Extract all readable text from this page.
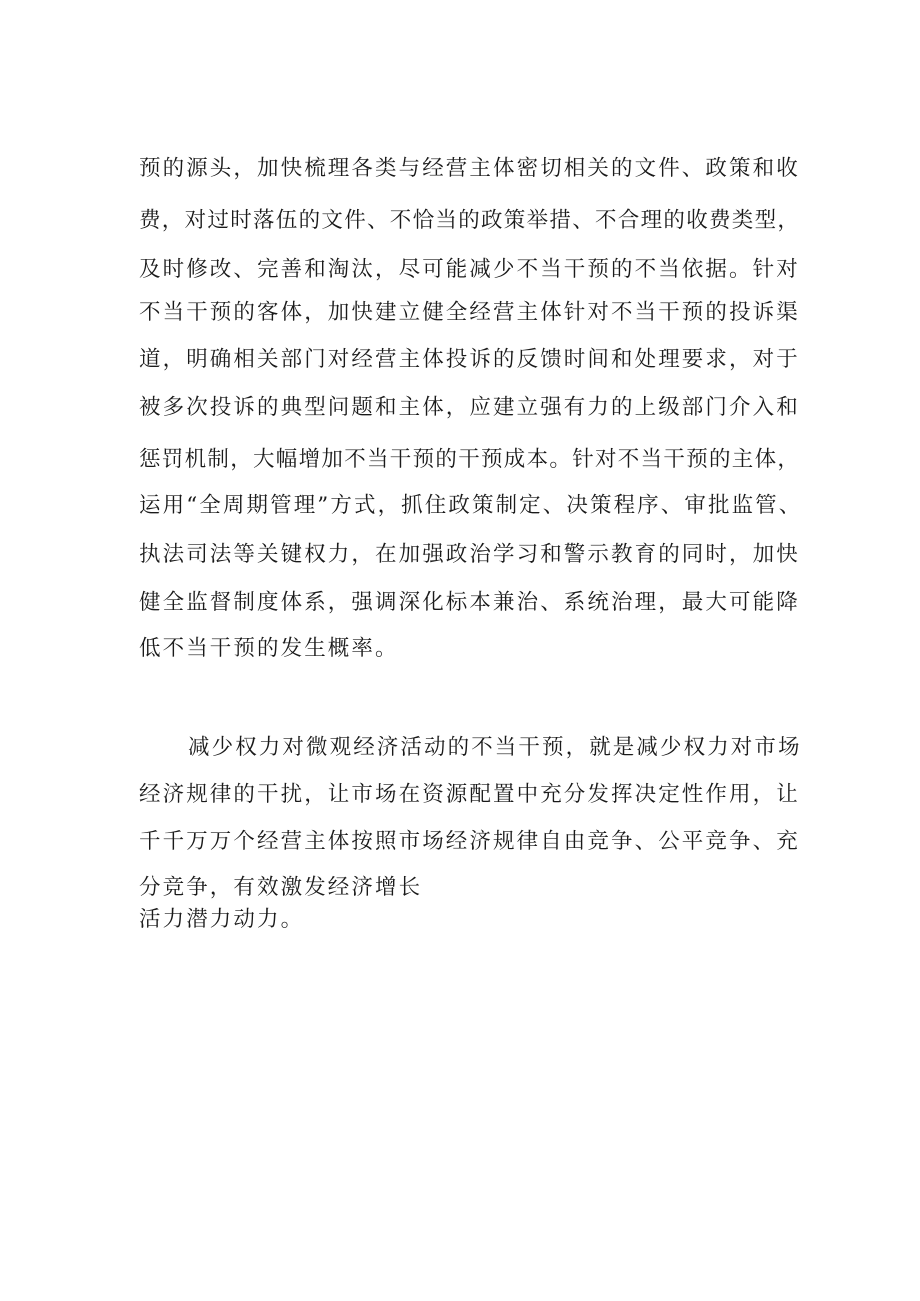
预的源头，加快梳理各类与经营主体密切相关的文件、政策和收
费，对过时落伍的文件、不恰当的政策举措、不合理的收费类型，
及时修改、完善和淘汰，尽可能减少不当干预的不当依据。针对
不当干预的客体，加快建立健全经营主体针对不当干预的投诉渠
道，明确相关部门对经营主体投诉的反馈时间和处理要求，对于
被多次投诉的典型问题和主体，应建立强有力的上级部门介入和
惩罚机制，大幅增加不当干预的干预成本。针对不当干预的主体，
运用“全周期管理”方式，抓住政策制定、决策程序、审批监管、
执法司法等关键权力，在加强政治学习和警示教育的同时，加快
健全监督制度体系，强调深化标本兼治、系统治理，最大可能降
低不当干预的发生概率。
减少权力对微观经济活动的不当干预，就是减少权力对市场
经济规律的干扰，让市场在资源配置中充分发挥决定性作用，让
千千万万个经营主体按照市场经济规律自由竞争、公平竞争、充
分竞争，有效激发经济增长
活力潜力动力。
